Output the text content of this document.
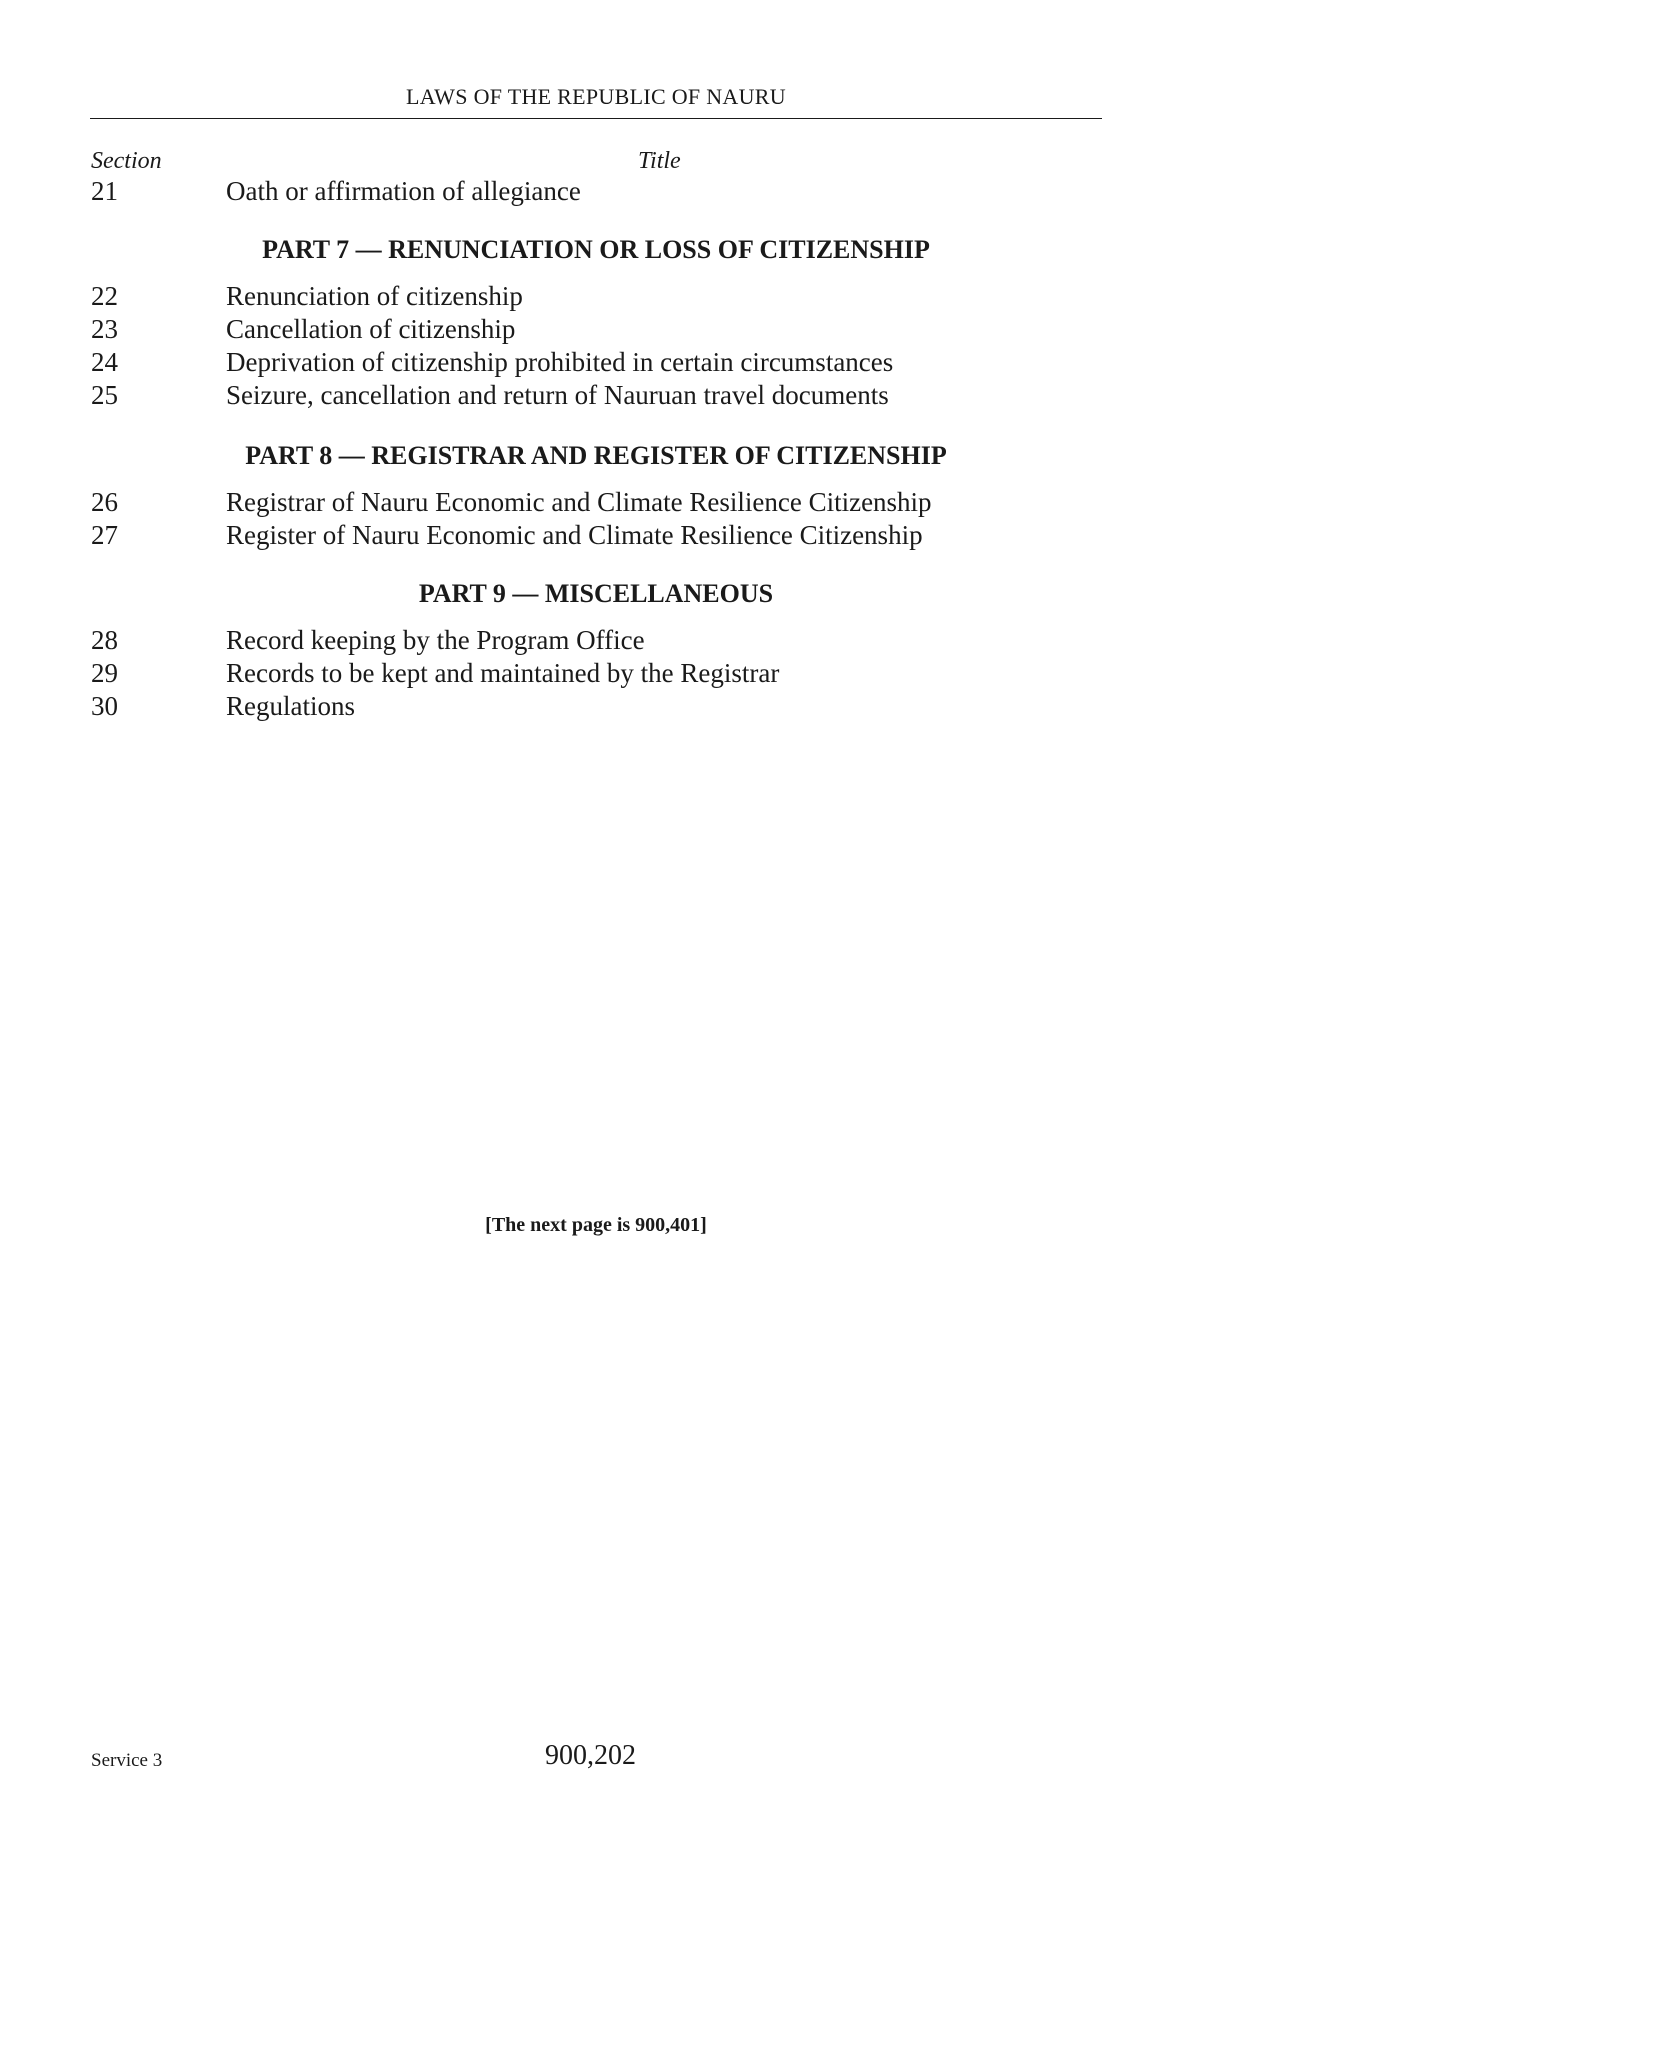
LAWS OF THE REPUBLIC OF NAURU
Section	Title
21	Oath or affirmation of allegiance
PART 7 — RENUNCIATION OR LOSS OF CITIZENSHIP
22	Renunciation of citizenship
23	Cancellation of citizenship
24	Deprivation of citizenship prohibited in certain circumstances
25	Seizure, cancellation and return of Nauruan travel documents
PART 8 — REGISTRAR AND REGISTER OF CITIZENSHIP
26	Registrar of Nauru Economic and Climate Resilience Citizenship
27	Register of Nauru Economic and Climate Resilience Citizenship
PART 9 — MISCELLANEOUS
28	Record keeping by the Program Office
29	Records to be kept and maintained by the Registrar
30	Regulations
[The next page is 900,401]
Service 3	900,202
